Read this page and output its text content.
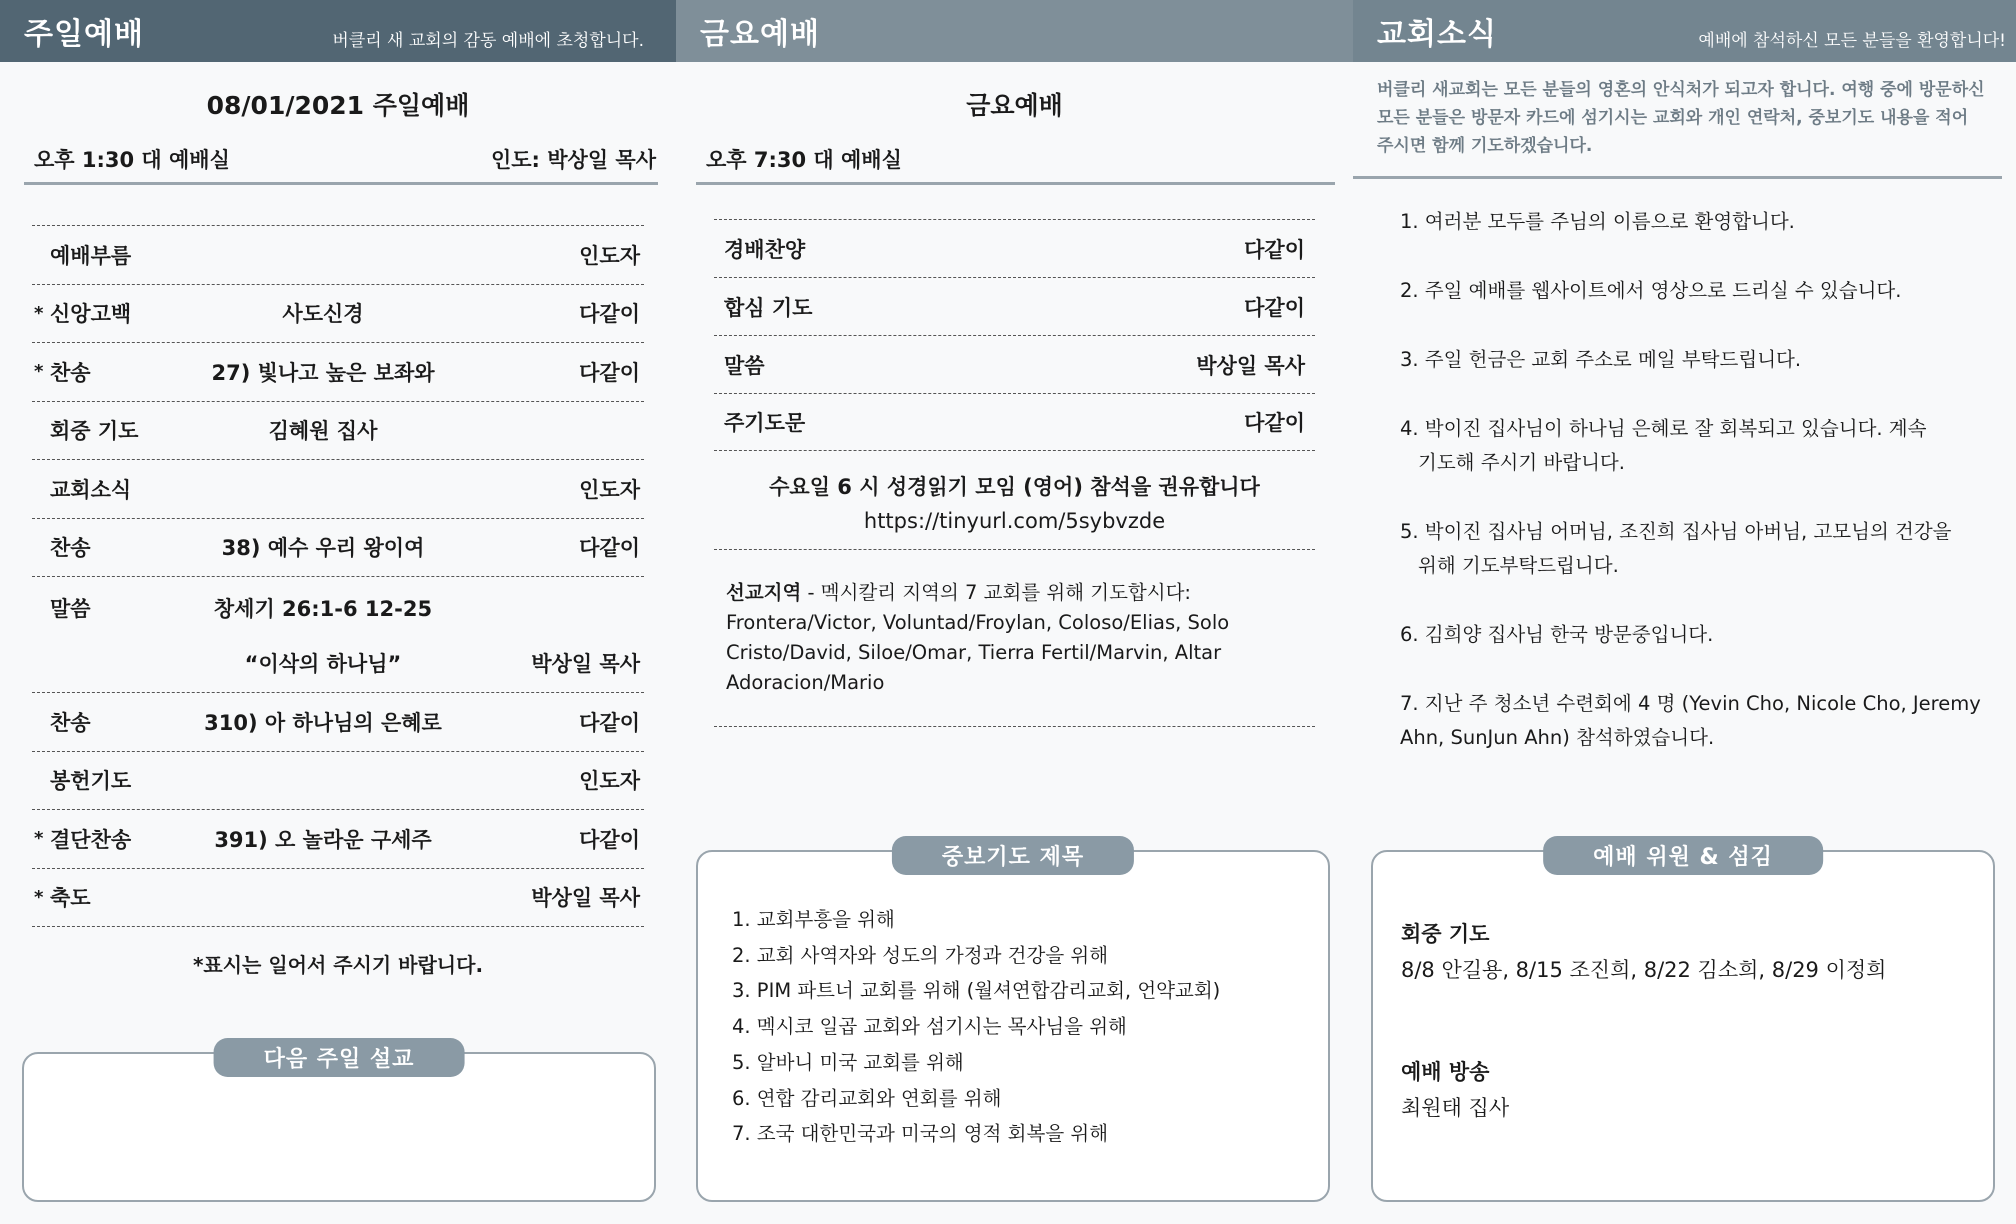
주일예배	버클리 새 교회의 감동 예배에 초청합니다.
08/01/2021 주일예배
오후 1:30 대 예배실	인도: 박상일 목사
예배부름	인도자
* 신앙고백	사도신경	다같이
* 찬송	27) 빛나고 높은 보좌와	다같이
회중 기도	김혜원 집사
교회소식	인도자
찬송	38) 예수 우리 왕이여	다같이
말씀	창세기 26:1-6 12-25
“이삭의 하나님”	박상일 목사
찬송	310) 아 하나님의 은혜로	다같이
봉헌기도	인도자
* 결단찬송	391) 오 놀라운 구세주	다같이
* 축도	박상일 목사
*표시는 일어서 주시기 바랍니다.
다음 주일 설교
금요예배
금요예배
오후 7:30 대 예배실
경배찬양	다같이
합심 기도	다같이
말씀	박상일 목사
주기도문	다같이
수요일 6 시 성경읽기 모임 (영어) 참석을 권유합니다
https://tinyurl.com/5sybvzde
선교지역 - 멕시칼리 지역의 7 교회를 위해 기도합시다: Frontera/Victor, Voluntad/Froylan, Coloso/Elias, Solo Cristo/David, Siloe/Omar, Tierra Fertil/Marvin, Altar Adoracion/Mario
중보기도 제목
1. 교회부흥을 위해
2. 교회 사역자와 성도의 가정과 건강을 위해
3. PIM 파트너 교회를 위해 (월셔연합감리교회, 언약교회)
4. 멕시코 일곱 교회와 섬기시는 목사님을 위해
5. 알바니 미국 교회를 위해
6. 연합 감리교회와 연회를 위해
7. 조국 대한민국과 미국의 영적 회복을 위해
교회소식	예배에 참석하신 모든 분들을 환영합니다!
버클리 새교회는 모든 분들의 영혼의 안식처가 되고자 합니다. 여행 중에 방문하신 모든 분들은 방문자 카드에 섬기시는 교회와 개인 연락처, 중보기도 내용을 적어 주시면 함께 기도하겠습니다.
1. 여러분 모두를 주님의 이름으로 환영합니다.
2. 주일 예배를 웹사이트에서 영상으로 드리실 수 있습니다.
3. 주일 헌금은 교회 주소로 메일 부탁드립니다.
4. 박이진 집사님이 하나님 은혜로 잘 회복되고 있습니다. 계속
기도해 주시기 바랍니다.
5. 박이진 집사님 어머님, 조진희 집사님 아버님, 고모님의 건강을
위해 기도부탁드립니다.
6. 김희양 집사님 한국 방문중입니다.
7. 지난 주 청소년 수련회에 4 명 (Yevin Cho, Nicole Cho, Jeremy Ahn, SunJun Ahn) 참석하였습니다.
예배 위원 & 섬김
회중 기도
8/8 안길용, 8/15 조진희, 8/22 김소희, 8/29 이정희
예배 방송
최원태 집사
